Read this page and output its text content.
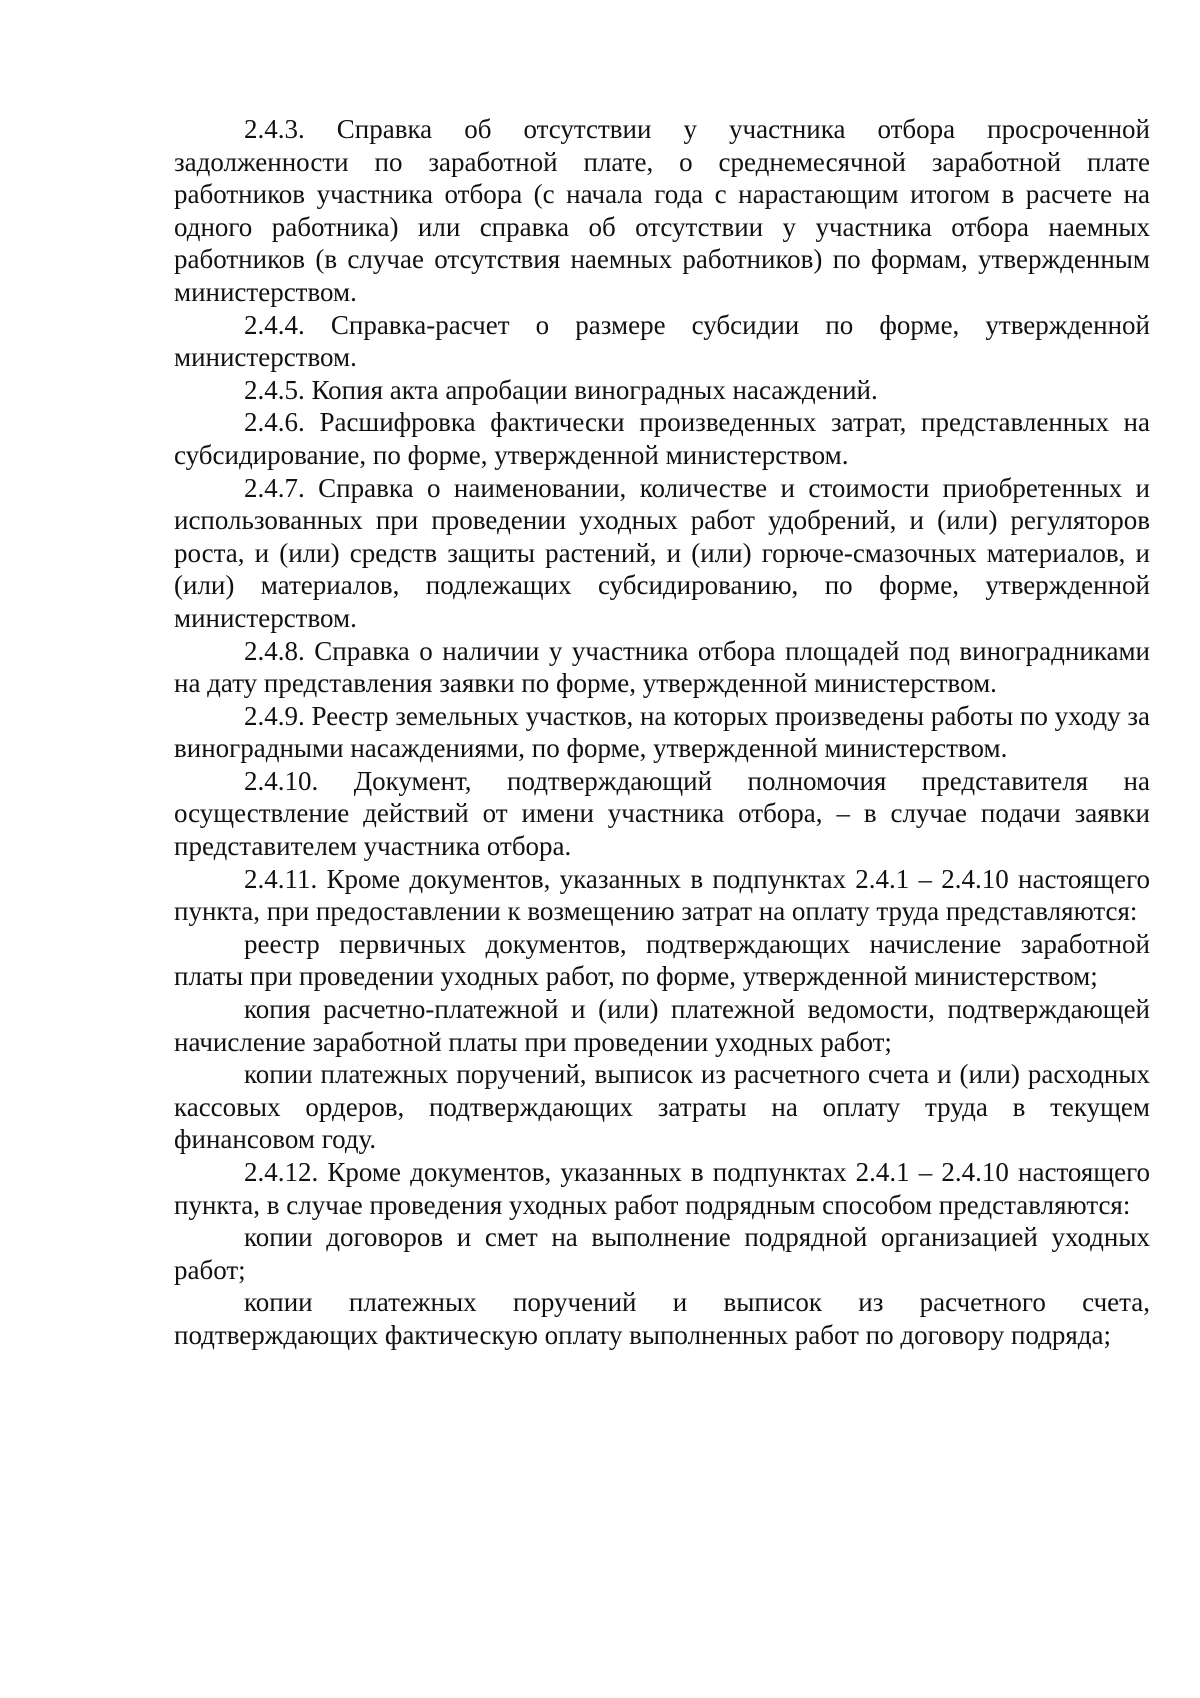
2.4.3. Справка об отсутствии у участника отбора просроченной задолженности по заработной плате, о среднемесячной заработной плате работников участника отбора (с начала года с нарастающим итогом в расчете на одного работника) или справка об отсутствии у участника отбора наемных работников (в случае отсутствия наемных работников) по формам, утвержденным министерством.

2.4.4. Справка-расчет о размере субсидии по форме, утвержденной министерством.

2.4.5. Копия акта апробации виноградных насаждений.

2.4.6. Расшифровка фактически произведенных затрат, представленных на субсидирование, по форме, утвержденной министерством.

2.4.7. Справка о наименовании, количестве и стоимости приобретенных и использованных при проведении уходных работ удобрений, и (или) регуляторов роста, и (или) средств защиты растений, и (или) горюче-смазочных материалов, и (или) материалов, подлежащих субсидированию, по форме, утвержденной министерством.

2.4.8. Справка о наличии у участника отбора площадей под виноградниками на дату представления заявки по форме, утвержденной министерством.

2.4.9. Реестр земельных участков, на которых произведены работы по уходу за виноградными насаждениями, по форме, утвержденной министерством.

2.4.10. Документ, подтверждающий полномочия представителя на осуществление действий от имени участника отбора, – в случае подачи заявки представителем участника отбора.

2.4.11. Кроме документов, указанных в подпунктах 2.4.1 – 2.4.10 настоящего пункта, при предоставлении к возмещению затрат на оплату труда представляются:

реестр первичных документов, подтверждающих начисление заработной платы при проведении уходных работ, по форме, утвержденной министерством;

копия расчетно-платежной и (или) платежной ведомости, подтверждающей начисление заработной платы при проведении уходных работ;

копии платежных поручений, выписок из расчетного счета и (или) расходных кассовых ордеров, подтверждающих затраты на оплату труда в текущем финансовом году.

2.4.12. Кроме документов, указанных в подпунктах 2.4.1 – 2.4.10 настоящего пункта, в случае проведения уходных работ подрядным способом представляются:

копии договоров и смет на выполнение подрядной организацией уходных работ;

копии платежных поручений и выписок из расчетного счета, подтверждающих фактическую оплату выполненных работ по договору подряда;
